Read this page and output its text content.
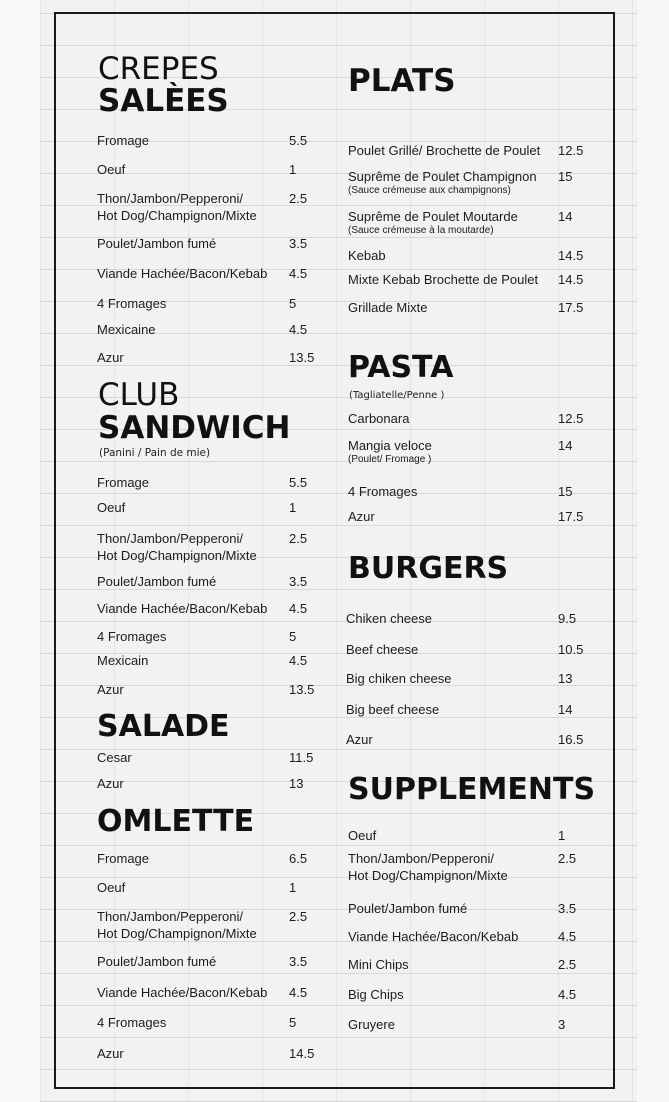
CREPES
SALÈES
Fromage	5.5
Oeuf	1
Thon/Jambon/Pepperoni/
Hot Dog/Champignon/Mixte
2.5
Poulet/Jambon fumé	3.5
Viande Hachée/Bacon/Kebab 4.5
4 Fromages	5
Mexicaine	4.5
Azur	13.5
CLUB
SANDWICH
(Panini / Pain de mie)
Fromage	5.5
Oeuf	1
Thon/Jambon/Pepperoni/
Hot Dog/Champignon/Mixte
2.5
Poulet/Jambon fumé	3.5
Viande Hachée/Bacon/Kebab 4.5
4 Fromages	5
Mexicain	4.5
Azur	13.5
SALADE
Cesar	11.5
Azur	13
OMLETTE
Fromage	6.5
Oeuf	1
Thon/Jambon/Pepperoni/
Hot Dog/Champignon/Mixte
2.5
Poulet/Jambon fumé	3.5
Viande Hachée/Bacon/Kebab 4.5
4 Fromages	5
Azur	14.5
PLATS
Poulet Grillé/ Brochette de Poulet 12.5
Suprême de Poulet Champignon
(Sauce crémeuse aux champignons)
15
Suprême de Poulet Moutarde
(Sauce crémeuse à la moutarde)
14
Kebab	14.5
Mixte Kebab Brochette de Poulet 14.5
Grillade Mixte	17.5
PASTA
(Tagliatelle/Penne )
Carbonara	12.5
Mangia veloce
(Poulet/ Fromage )
14
4 Fromages	15
Azur	17.5
BURGERS
Chiken cheese	9.5
Beef cheese	10.5
Big chiken cheese	13
Big beef cheese	14
Azur	16.5
SUPPLEMENTS
Oeuf	1
Thon/Jambon/Pepperoni/
Hot Dog/Champignon/Mixte
2.5
Poulet/Jambon fumé	3.5
Viande Hachée/Bacon/Kebab	4.5
Mini Chips	2.5
Big Chips	4.5
Gruyere	3
